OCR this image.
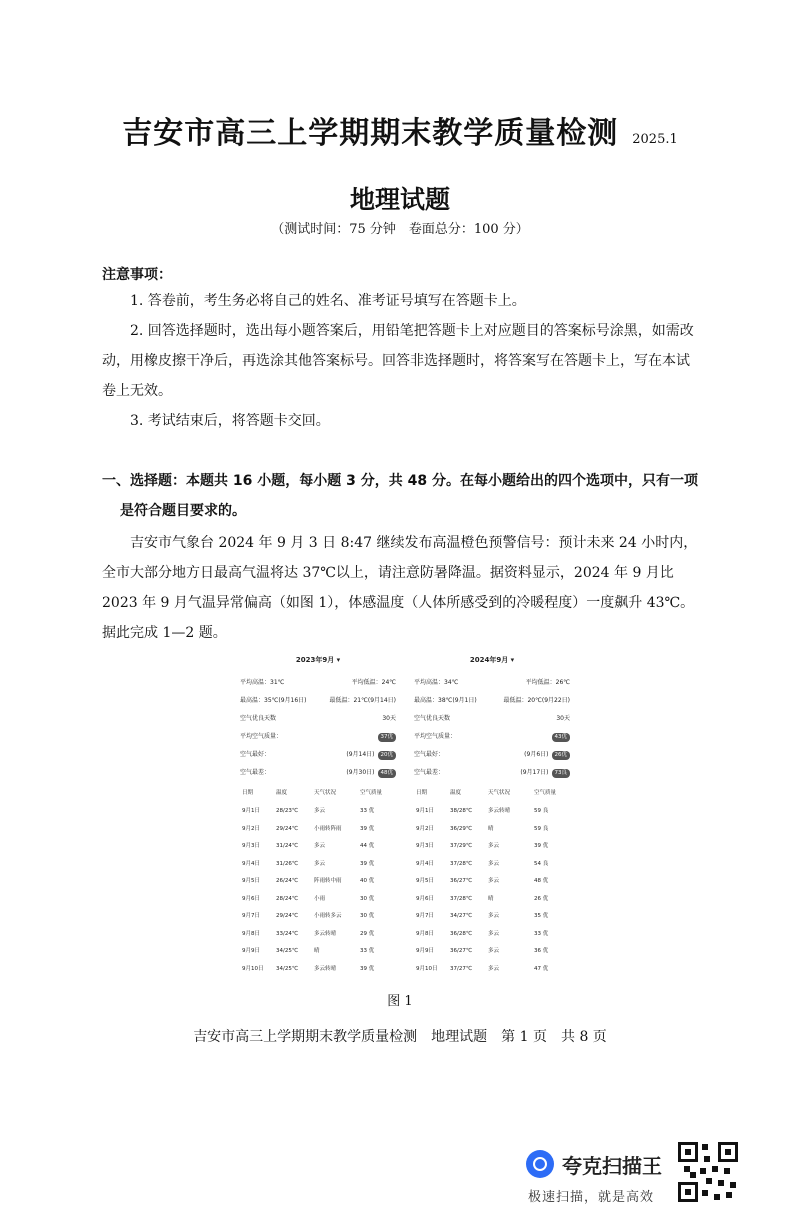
吉安市高三上学期期末教学质量检测 2025.1
地理试题
（测试时间：75 分钟　卷面总分：100 分）
注意事项：
1. 答卷前，考生务必将自己的姓名、准考证号填写在答题卡上。
2. 回答选择题时，选出每小题答案后，用铅笔把答题卡上对应题目的答案标号涂黑，如需改动，用橡皮擦干净后，再选涂其他答案标号。回答非选择题时，将答案写在答题卡上，写在本试卷上无效。
3. 考试结束后，将答题卡交回。
一、选择题：本题共 16 小题，每小题 3 分，共 48 分。在每小题给出的四个选项中，只有一项是符合题目要求的。
吉安市气象台 2024 年 9 月 3 日 8:47 继续发布高温橙色预警信号：预计未来 24 小时内，全市大部分地方日最高气温将达 37℃以上，请注意防暑降温。据资料显示，2024 年 9 月比 2023 年 9 月气温异常偏高（如图 1），体感温度（人体所感受到的冷暖程度）一度飙升 43℃。据此完成 1—2 题。
2023年9月 ▾
平均高温：31℃	平均低温：24℃
最高温：35℃(9月16日)	最低温：21℃(9月14日)
空气优良天数	30天
平均空气质量：	37优
空气最好：	(9月14日) 20优
空气最差：	(9月30日) 48优
日期	温度	天气状况	空气质量
9月1日	28/23℃	多云	33 优
9月2日	29/24℃	小雨转阵雨	39 优
9月3日	31/24℃	多云	44 优
9月4日	31/26℃	多云	39 优
9月5日	26/24℃	阵雨转中雨	40 优
9月6日	28/24℃	小雨	30 优
9月7日	29/24℃	小雨转多云	30 优
9月8日	33/24℃	多云转晴	29 优
9月9日	34/25℃	晴	33 优
9月10日 34/25℃	多云转晴	39 优
2024年9月 ▾
平均高温：34℃	平均低温：26℃
最高温：38℃(9月1日)	最低温：20℃(9月22日)
空气优良天数	30天
平均空气质量：	43优
空气最好：	(9月6日) 26优
空气最差：	(9月17日) 73良
日期	温度	天气状况	空气质量
9月1日	38/28℃	多云转晴	59 良
9月2日	36/29℃	晴	59 良
9月3日	37/29℃	多云	39 优
9月4日	37/28℃	多云	54 良
9月5日	36/27℃	多云	48 优
9月6日	37/28℃	晴	26 优
9月7日	34/27℃	多云	35 优
9月8日	36/28℃	多云	33 优
9月9日	36/27℃	多云	36 优
9月10日 37/27℃	多云	47 优
图 1
吉安市高三上学期期末教学质量检测　地理试题　第 1 页　共 8 页
夸克扫描王
极速扫描，就是高效
